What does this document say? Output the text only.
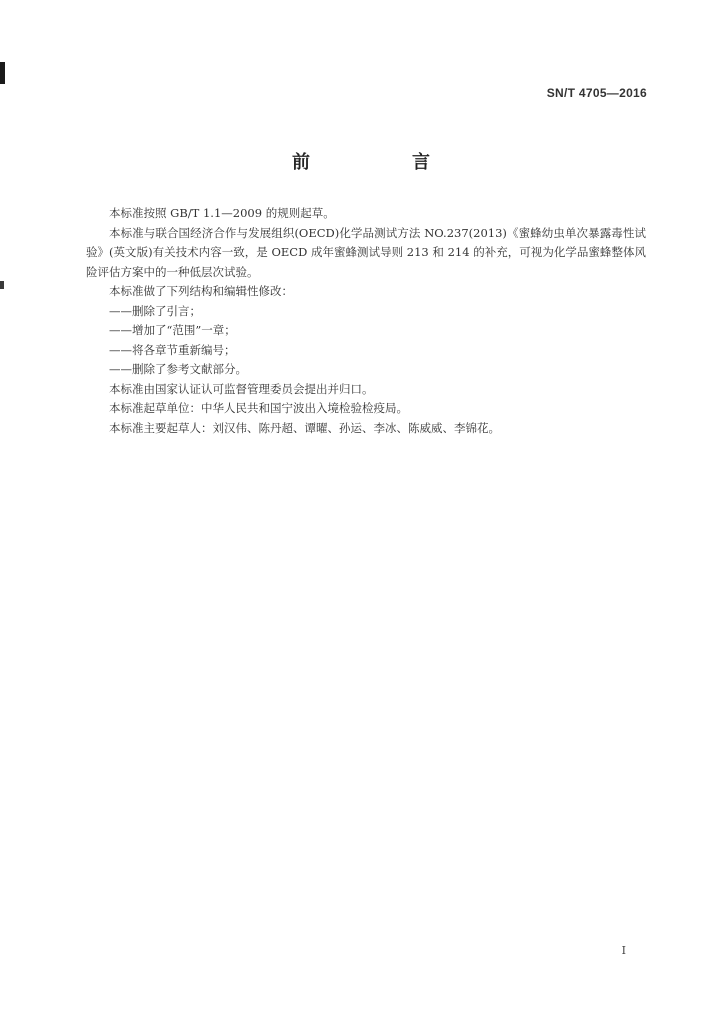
SN/T 4705—2016
前　言

本标准按照 GB/T 1.1—2009 的规则起草。

本标准与联合国经济合作与发展组织(OECD)化学品测试方法 NO.237(2013)《蜜蜂幼虫单次暴露毒性试验》(英文版)有关技术内容一致，是 OECD 成年蜜蜂测试导则 213 和 214 的补充，可视为化学品蜜蜂整体风险评估方案中的一种低层次试验。

本标准做了下列结构和编辑性修改：

——删除了引言；

——增加了“范围”一章；

——将各章节重新编号；

——删除了参考文献部分。

本标准由国家认证认可监督管理委员会提出并归口。

本标准起草单位：中华人民共和国宁波出入境检验检疫局。

本标准主要起草人：刘汉伟、陈丹超、谭曜、孙运、李冰、陈威威、李锦花。

I
